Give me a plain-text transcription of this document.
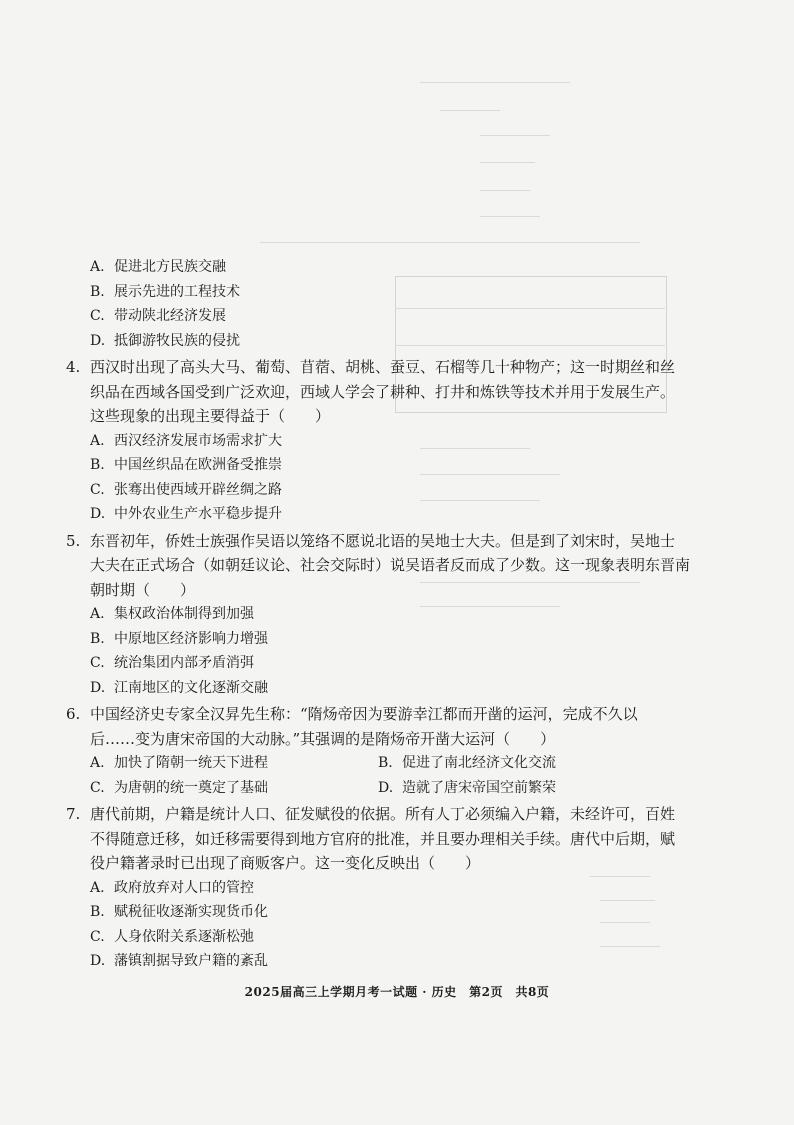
A. 促进北方民族交融
B. 展示先进的工程技术
C. 带动陕北经济发展
D. 抵御游牧民族的侵扰
4. 西汉时出现了高头大马、葡萄、苜蓿、胡桃、蚕豆、石榴等几十种物产；这一时期丝和丝
织品在西域各国受到广泛欢迎，西域人学会了耕种、打井和炼铁等技术并用于发展生产。
这些现象的出现主要得益于（　　）
A. 西汉经济发展市场需求扩大
B. 中国丝织品在欧洲备受推崇
C. 张骞出使西域开辟丝绸之路
D. 中外农业生产水平稳步提升
5. 东晋初年，侨姓士族强作吴语以笼络不愿说北语的吴地士大夫。但是到了刘宋时，吴地士
大夫在正式场合（如朝廷议论、社会交际时）说吴语者反而成了少数。这一现象表明东晋南
朝时期（　　）
A. 集权政治体制得到加强
B. 中原地区经济影响力增强
C. 统治集团内部矛盾消弭
D. 江南地区的文化逐渐交融
6. 中国经济史专家全汉昇先生称：“隋炀帝因为要游幸江都而开凿的运河，完成不久以
后……变为唐宋帝国的大动脉。”其强调的是隋炀帝开凿大运河（　　）
A. 加快了隋朝一统天下进程	B. 促进了南北经济文化交流
C. 为唐朝的统一奠定了基础	D. 造就了唐宋帝国空前繁荣
7. 唐代前期，户籍是统计人口、征发赋役的依据。所有人丁必须编入户籍，未经许可，百姓
不得随意迁移，如迁移需要得到地方官府的批准，并且要办理相关手续。唐代中后期，赋
役户籍著录时已出现了商贩客户。这一变化反映出（　　）
A. 政府放弃对人口的管控
B. 赋税征收逐渐实现货币化
C. 人身依附关系逐渐松弛
D. 藩镇割据导致户籍的紊乱
2025届高三上学期月考一试题 · 历史　第2页　共8页
